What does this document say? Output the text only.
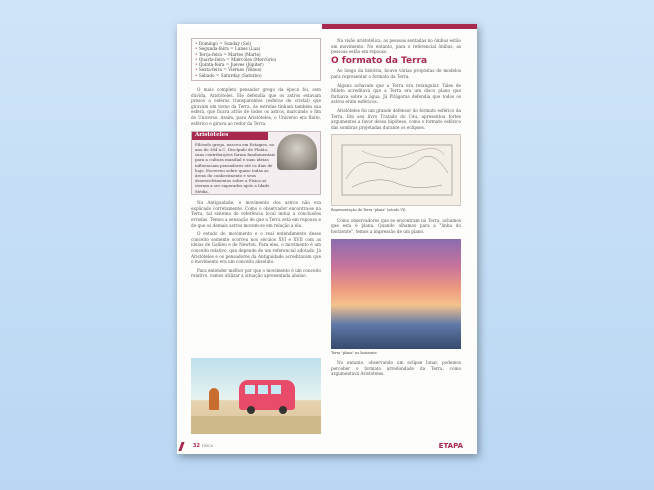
• Domingo = Sunday (Sol)
• Segunda-feira = Lunes (Lua)
• Terça-feira = Martes (Marte)
• Quarta-feira = Miércoles (Mercúrio)
• Quinta-feira = Jueves (Júpiter)
• Sexta-feira = Viernes (Vênus)
• Sábado = Saturday (Saturno)

O mais completo pensador grego da época foi, sem dúvida, Aristóteles. Ele defendia que os astros estavam presos a esferas transparentes (esferas de cristal) que giravam em torno da Terra. As estrelas tinham também sua esfera, que ficava atrás de todos os astros, marcando o fim do Universo. Assim, para Aristóteles, o Universo era finito, esférico e girava ao redor da Terra.

Aristóteles
Filósofo grego, nasceu em Estagira, no ano de 384 a.C. Discípulo de Platão, suas contribuições foram fundamentais para a cultura mundial e suas ideias influenciam pensadores até os dias de hoje. Escreveu sobre quase todas as áreas do conhecimento e seus desenvolvimentos sobre a Física só vieram a ser superados após a Idade Média.

Na Antiguidade, o movimento dos astros não era explicado corretamente. Como o observador encontra-se na Terra, tal sistema de referência local induz a conclusões erradas. Temos a sensação de que a Terra está em repouso e de que os demais astros movem-se em relação a ela.

O estudo do movimento e o real entendimento desse conceito somente ocorreu nos séculos XVI e XVII com as ideias de Galileu e de Newton. Para eles, o movimento é um conceito relativo, que depende de um referencial adotado. Já Aristóteles e os pensadores da Antiguidade acreditavam que o movimento era um conceito absoluto.

Para entender melhor por que o movimento é um conceito relativo, vamos utilizar a situação apresentada abaixo.

Na visão aristotélica, as pessoas sentadas no ônibus estão em movimento. No entanto, para o referencial ônibus, as pessoas estão em repouso.

O formato da Terra

Ao longo da história, houve várias propostas de modelos para representar o formato da Terra.

Alguns achavam que a Terra era retangular. Tales de Mileto acreditava que a Terra era um disco plano que flutuava sobre a água. Já Pitágoras defendia que todos os astros eram esféricos.

Aristóteles foi um grande defensor do formato esférico da Terra. Em seu livro Tratado do Céu, apresentou fortes argumentos a favor dessa hipótese, como o formato esférico das sombras projetadas durante os eclipses.

Representação da Terra "plana" (século VI).

Como observadores que se encontram na Terra, achamos que esta é plana. Quando olhamos para a "linha do horizonte", temos a impressão de um plano.

Terra "plana" no horizonte.

No entanto, observando um eclipse lunar, podemos perceber o formato arredondado da Terra, como argumentava Aristóteles.

32 FÍSICA	ETAPA
